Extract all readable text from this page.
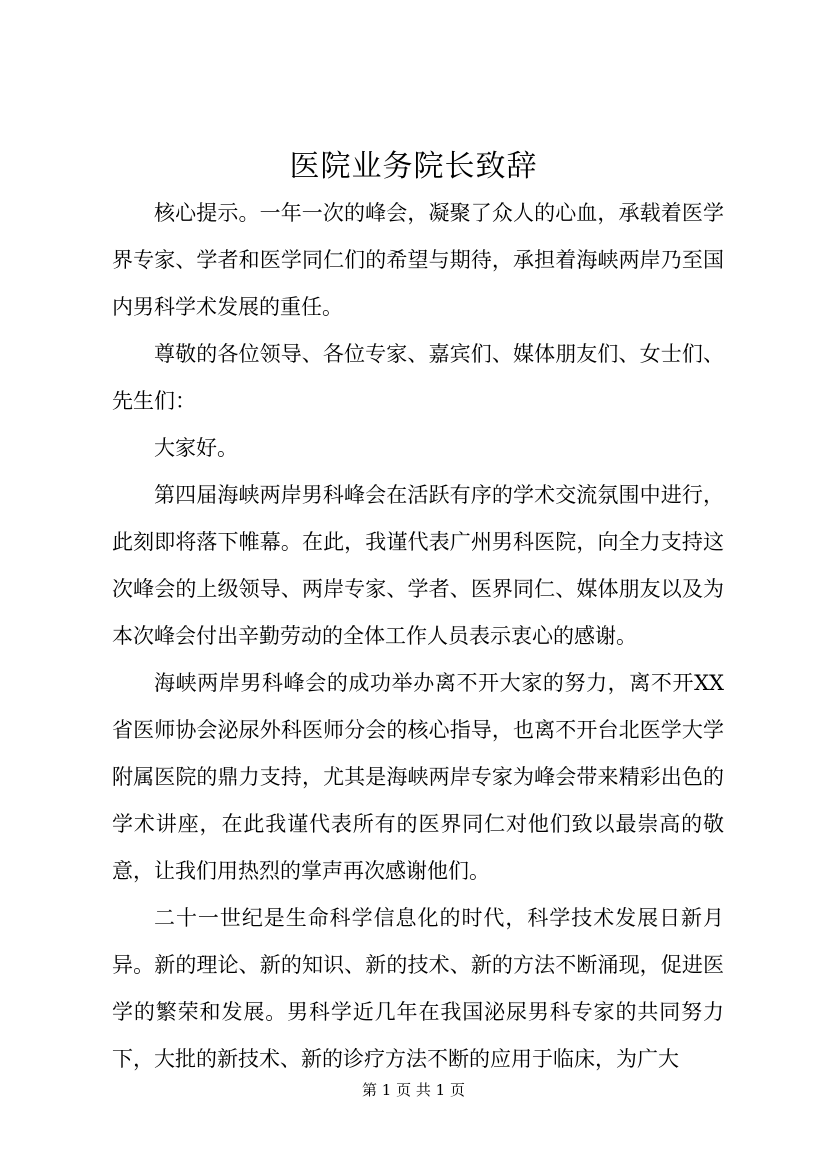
医院业务院长致辞

核心提示。一年一次的峰会，凝聚了众人的心血，承载着医学界专家、学者和医学同仁们的希望与期待，承担着海峡两岸乃至国内男科学术发展的重任。

尊敬的各位领导、各位专家、嘉宾们、媒体朋友们、女士们、先生们：

大家好。

第四届海峡两岸男科峰会在活跃有序的学术交流氛围中进行，此刻即将落下帷幕。在此，我谨代表广州男科医院，向全力支持这次峰会的上级领导、两岸专家、学者、医界同仁、媒体朋友以及为本次峰会付出辛勤劳动的全体工作人员表示衷心的感谢。

海峡两岸男科峰会的成功举办离不开大家的努力，离不开XX省医师协会泌尿外科医师分会的核心指导，也离不开台北医学大学附属医院的鼎力支持，尤其是海峡两岸专家为峰会带来精彩出色的学术讲座，在此我谨代表所有的医界同仁对他们致以最崇高的敬意，让我们用热烈的掌声再次感谢他们。

二十一世纪是生命科学信息化的时代，科学技术发展日新月异。新的理论、新的知识、新的技术、新的方法不断涌现，促进医学的繁荣和发展。男科学近几年在我国泌尿男科专家的共同努力下，大批的新技术、新的诊疗方法不断的应用于临床，为广大

第 1 页 共 1 页
